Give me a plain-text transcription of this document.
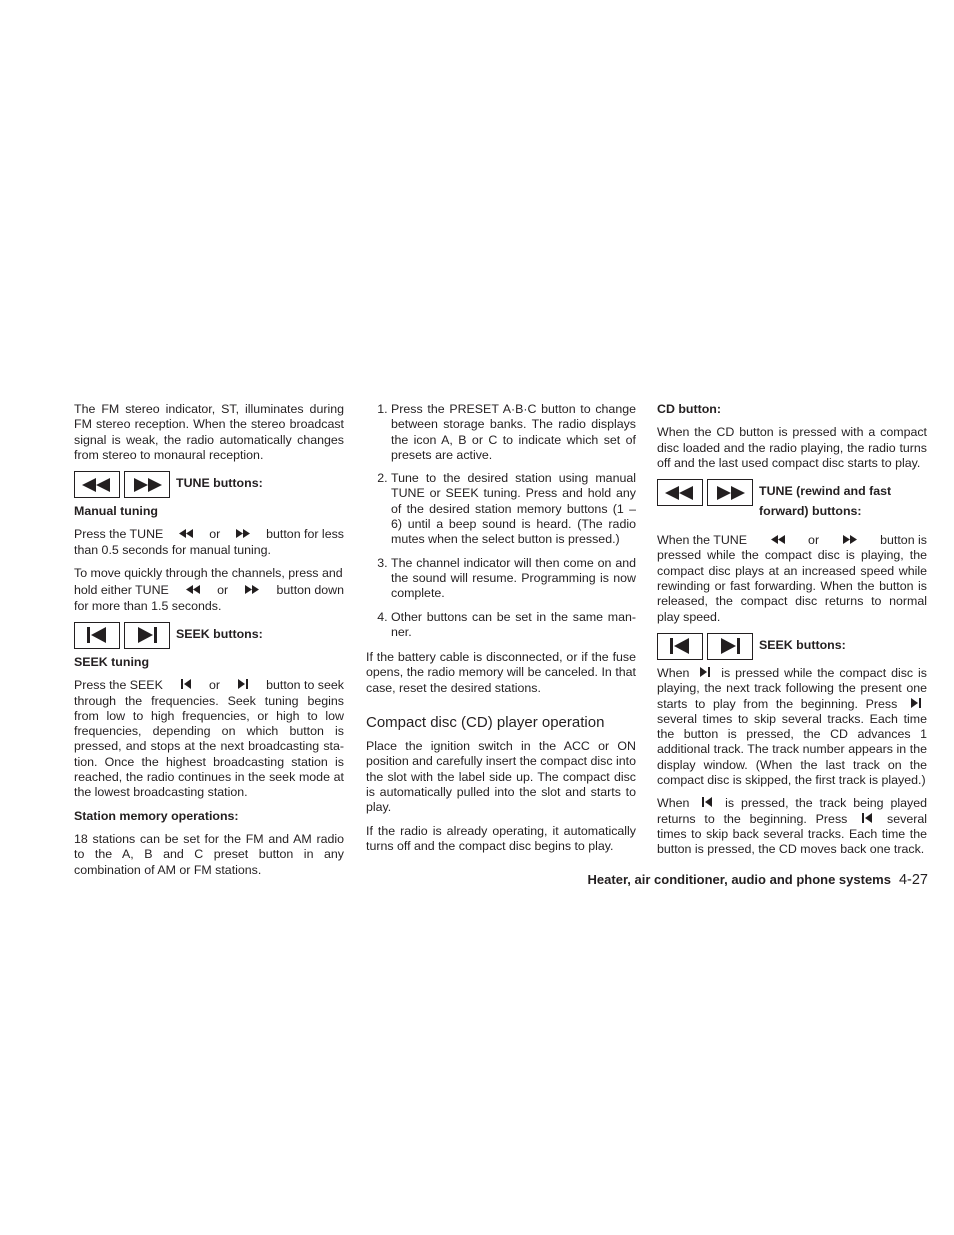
The FM stereo indicator, ST, illuminates during FM stereo reception. When the stereo broadcast signal is weak, the radio automatically changes from stereo to monaural reception.

TUNE buttons:

Manual tuning

Press the TUNE	or	button for less

than 0.5 seconds for manual tuning.

To move quickly through the channels, press and

hold either TUNE	or	button down

for more than 1.5 seconds.

SEEK buttons:

SEEK tuning

Press the SEEK	or	button to seek

through the frequencies. Seek tuning begins from low to high frequencies, or high to low frequencies, depending on which button is pressed, and stops at the next broadcasting station. Once the highest broadcasting station is reached, the radio continues in the seek mode at the lowest broadcasting station.

Station memory operations:

18 stations can be set for the FM and AM radio to the A, B and C preset button in any combination of AM or FM stations.

1. Press the PRESET A·B·C button to change between storage banks. The radio displays the icon A, B or C to indicate which set of presets are active.
2. Tune to the desired station using manual TUNE or SEEK tuning. Press and hold any of the desired station memory buttons (1 – 6) until a beep sound is heard. (The radio mutes when the select button is pressed.)
3. The channel indicator will then come on and the sound will resume. Programming is now complete.
4. Other buttons can be set in the same manner.

If the battery cable is disconnected, or if the fuse opens, the radio memory will be canceled. In that case, reset the desired stations.

Compact disc (CD) player operation

Place the ignition switch in the ACC or ON position and carefully insert the compact disc into the slot with the label side up. The compact disc is automatically pulled into the slot and starts to play.

If the radio is already operating, it automatically turns off and the compact disc begins to play.

CD button:

When the CD button is pressed with a compact disc loaded and the radio playing, the radio turns off and the last used compact disc starts to play.

TUNE (rewind and fast
forward) buttons:

When the TUNE	or	button is

pressed while the compact disc is playing, the compact disc plays at an increased speed while rewinding or fast forwarding. When the button is released, the compact disc returns to normal play speed.

SEEK buttons:

When	is pressed while the compact disc is playing, the next track following the present one starts to play from the beginning. Press  several times to skip several tracks. Each time the button is pressed, the CD advances 1 additional track. The track number appears in the display window. (When the last track on the compact disc is skipped, the first track is played.)

When	is pressed, the track being played returns to the beginning. Press	several times to skip back several tracks. Each time the button is pressed, the CD moves back one track.

Heater, air conditioner, audio and phone systems 4-27
